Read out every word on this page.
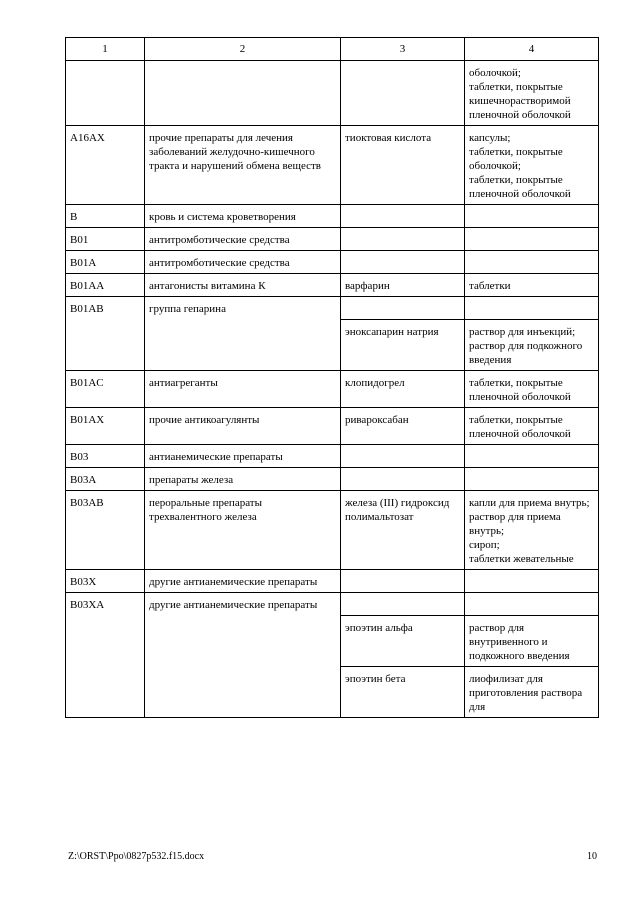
1	2	3	4

			оболочкой;
таблетки, покрытые кишечнорастворимой пленочной оболочкой

A16AX	прочие препараты для лечения заболеваний желудочно-кишечного тракта и нарушений обмена веществ	тиоктовая кислота	капсулы;
таблетки, покрытые оболочкой;
таблетки, покрытые пленочной оболочкой

B	кровь и система кроветворения		
B01	антитромботические средства		
B01A	антитромботические средства		
B01AA	антагонисты витамина К	варфарин	таблетки

B01AB	группа гепарина		
		эноксапарин натрия	раствор для инъекций;
раствор для подкожного введения

B01AC	антиагреганты	клопидогрел	таблетки, покрытые пленочной оболочкой

B01AX	прочие антикоагулянты	ривароксабан	таблетки, покрытые пленочной оболочкой

B03	антианемические препараты		
B03A	препараты железа		
B03AB	пероральные препараты трехвалентного железа	железа (III) гидроксид полимальтозат	капли для приема внутрь;
раствор для приема внутрь;
сироп;
таблетки жевательные

B03X	другие антианемические препараты		
B03XA	другие антианемические препараты		
		эпоэтин альфа	раствор для внутривенного и подкожного введения

		эпоэтин бета	лиофилизат для приготовления раствора для
Z:\ORST\Ppo\0827p532.f15.docx	10
